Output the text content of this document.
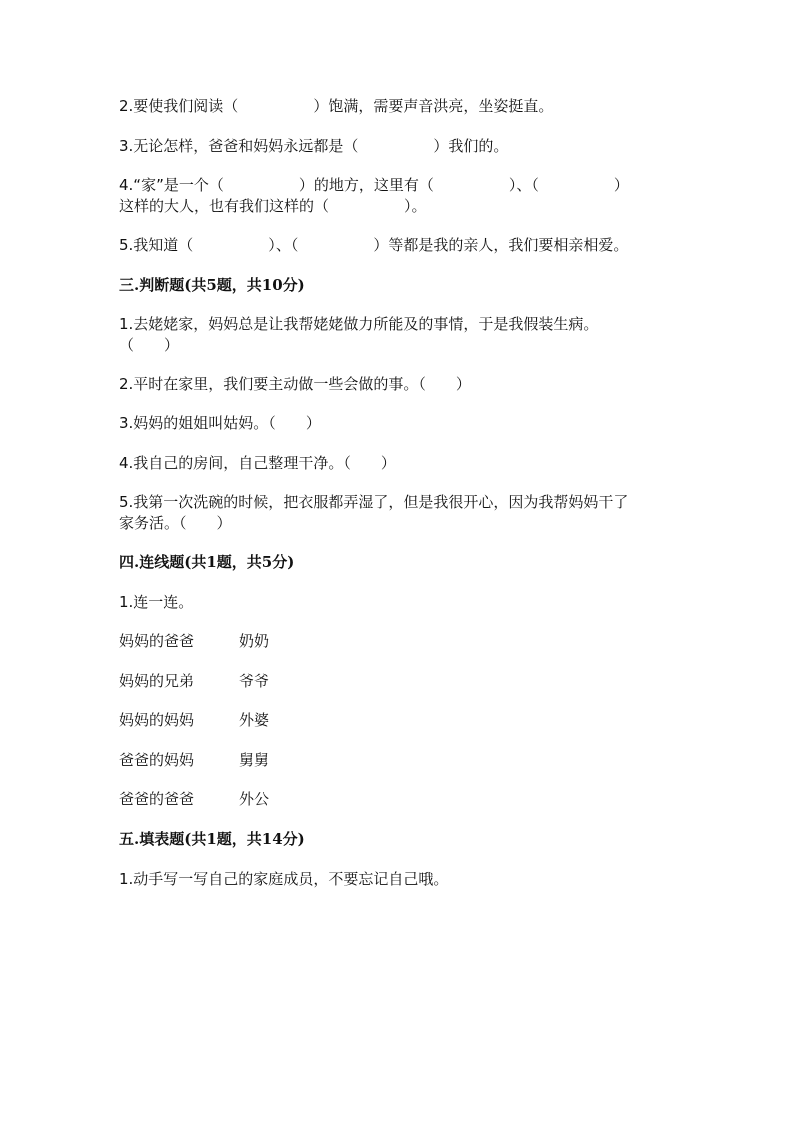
2.要使我们阅读（　　　　　）饱满，需要声音洪亮，坐姿挺直。
3.无论怎样，爸爸和妈妈永远都是（　　　　　）我们的。
4.“家”是一个（　　　　　）的地方，这里有（　　　　　）、（　　　　　）
这样的大人，也有我们这样的（　　　　　）。
5.我知道（　　　　　）、（　　　　　）等都是我的亲人，我们要相亲相爱。
三.判断题(共5题，共10分)
1.去姥姥家，妈妈总是让我帮姥姥做力所能及的事情，于是我假装生病。
（　　）
2.平时在家里，我们要主动做一些会做的事。（　　）
3.妈妈的姐姐叫姑妈。（　　）
4.我自己的房间，自己整理干净。（　　）
5.我第一次洗碗的时候，把衣服都弄湿了，但是我很开心，因为我帮妈妈干了
家务活。（　　）
四.连线题(共1题，共5分)
1.连一连。
妈妈的爸爸	奶奶
妈妈的兄弟	爷爷
妈妈的妈妈	外婆
爸爸的妈妈	舅舅
爸爸的爸爸	外公
五.填表题(共1题，共14分)
1.动手写一写自己的家庭成员，不要忘记自己哦。
